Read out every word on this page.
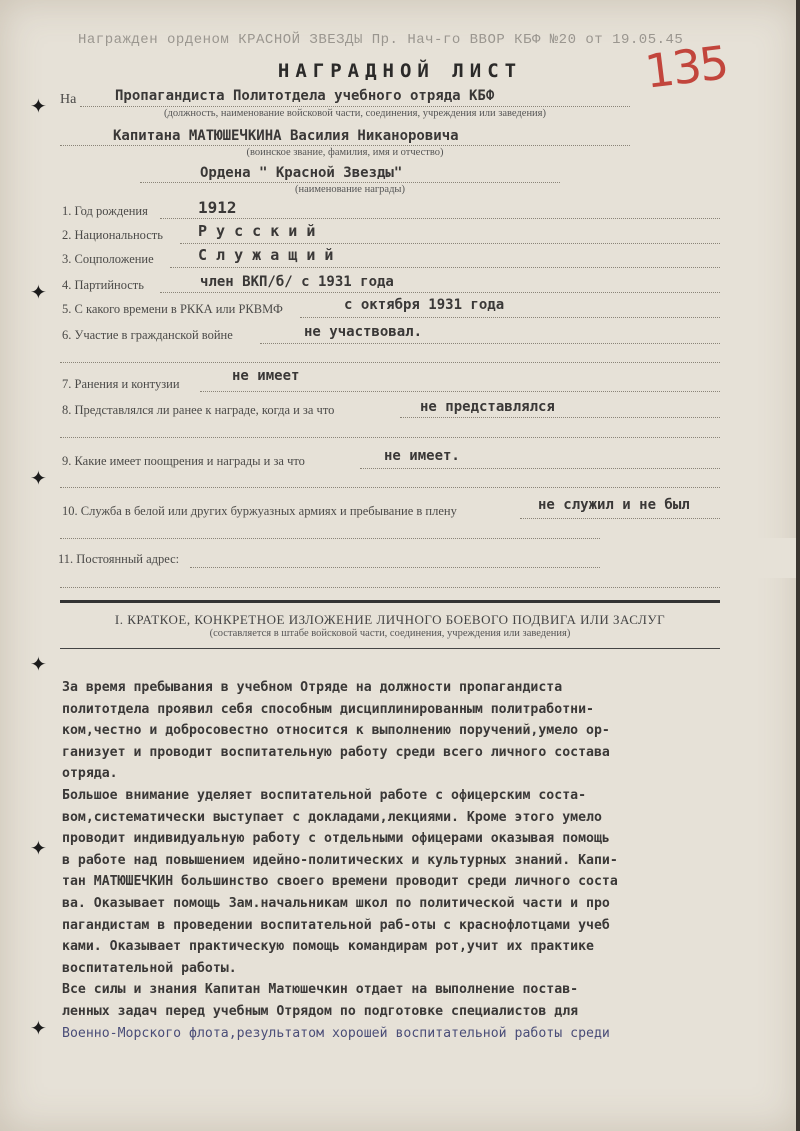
Награжден орденом КРАСНОЙ ЗВЕЗДЫ Пр. Нач-го ВВОР КБФ №20 от 19.05.45
НАГРАДНОЙ ЛИСТ	135
На	Пропагандиста Политотдела учебного отряда КБФ
(должность, наименование войсковой части, соединения, учреждения или заведения)
Капитана МАТЮШЕЧКИНА Василия Никаноровича
(воинское звание, фамилия, имя и отчество)
Ордена " Красной Звезды"
(наименование награды)
1. Год рождения	1912
2. Национальность Р у с с к и й
3. Соцположение	С л у ж а щ и й
4. Партийность	член ВКП/б/ с 1931 года
5. С какого времени в РККА или РКВМФ	с октября 1931 года
6. Участие в гражданской войне	не участвовал.
7. Ранения и контузии	не имеет
8. Представлялся ли ранее к награде, когда и за что	не представлялся
9. Какие имеет поощрения и награды и за что	не имеет.
10. Служба в белой или других буржуазных армиях и пребывание в плену	не служил и не был
11. Постоянный адрес:
I. КРАТКОЕ, КОНКРЕТНОЕ ИЗЛОЖЕНИЕ ЛИЧНОГО БОЕВОГО ПОДВИГА ИЛИ ЗАСЛУГ
(составляется в штабе войсковой части, соединения, учреждения или заведения)

За время пребывания в учебном Отряде на должности пропагандиста

политотдела проявил себя способным дисциплинированным политработни-

ком,честно и добросовестно относится к выполнению поручений,умело ор-

ганизует и проводит воспитательную работу среди всего личного состава

отряда.

Большое внимание уделяет воспитательной работе с офицерским соста-

вом,систематически выступает с докладами,лекциями. Кроме этого умело

проводит индивидуальную работу с отдельными офицерами оказывая помощь

в работе над повышением идейно-политических и культурных знаний. Капи-

тан МАТЮШЕЧКИН большинство своего времени проводит среди личного соста

ва. Оказывает помощь Зам.начальникам школ по политической части и про

пагандистам в проведении воспитательной раб-оты с краснофлотцами учеб

ками. Оказывает практическую помощь командирам рот,учит их практике

воспитательной работы.

Все силы и знания Капитан Матюшечкин отдает на выполнение постав-

ленных задач перед учебным Отрядом по подготовке специалистов для

Военно-Морского флота,результатом хорошей воспитательной работы среди

✦
✦
✦
✦
✦
✦
